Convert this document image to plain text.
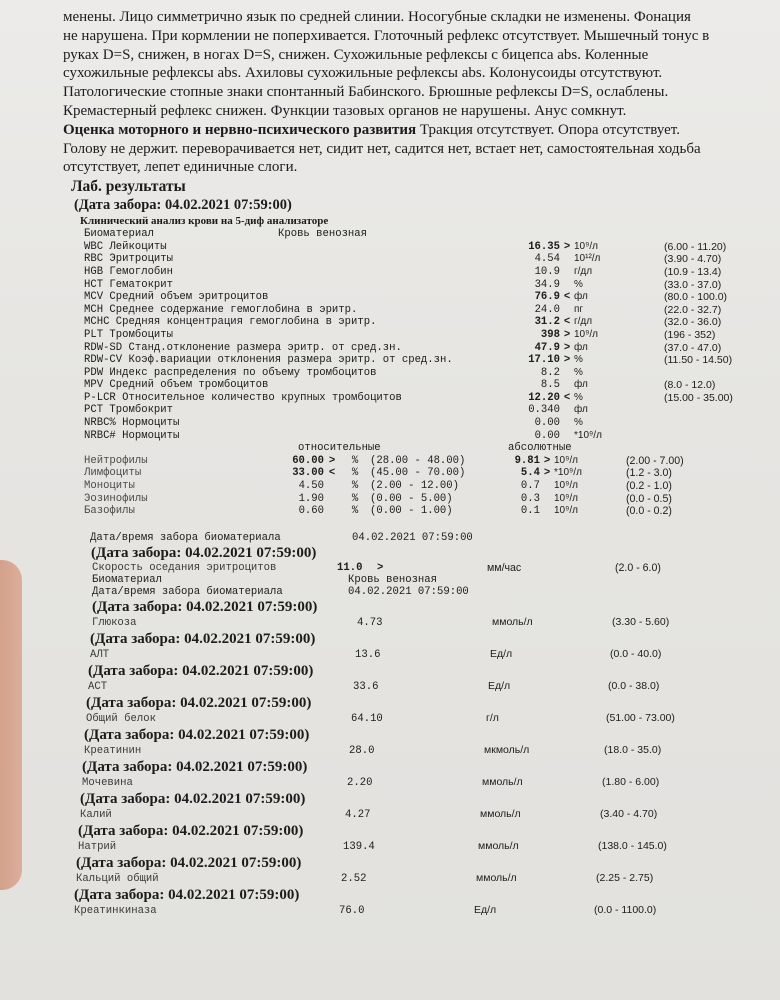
менены. Лицо симметрично язык по средней слинии. Носогубные складки не изменены. Фонация
не нарушена. При кормлении не поперхивается. Глоточный рефлекс отсутствует. Мышечный тонус в
руках D=S, снижен, в ногах D=S, снижен. Сухожильные рефлексы с бицепса abs. Коленные
сухожильные рефлексы abs. Ахиловы сухожильные рефлексы abs. Колонусоиды отсутствуют.
Патологические стопные знаки спонтанный Бабинского. Брюшные рефлексы D=S, ослаблены.
Кремастерный рефлекс снижен. Функции тазовых органов не нарушены. Анус сомкнут.
Оценка моторного и нервно-психического развития Тракция отсутствует. Опора отсутствует.
Голову не держит. переворачивается нет, сидит нет, садится нет, встает нет, самостоятельная ходьба
отсутствует, лепет единичные слоги.
Лаб. результаты
(Дата забора: 04.02.2021 07:59:00)
Клинический анализ крови на 5-диф анализаторе
Биоматериал	Кровь венозная
WBC Лейкоциты	16.35	>	10⁹/л	(6.00 - 11.20)
RBC Эритроциты	4.54		10¹²/л	(3.90 - 4.70)
HGB Гемоглобин	10.9		г/дл	(10.9 - 13.4)
HCT Гематокрит	34.9		%	(33.0 - 37.0)
MCV Средний объем эритроцитов	76.9	<	фл	(80.0 - 100.0)
MCH Среднее содержание гемоглобина в эритр.	24.0		пг	(22.0 - 32.7)
MCHC Средняя концентрация гемоглобина в эритр.	31.2	<	г/дл	(32.0 - 36.0)
PLT Тромбоциты	398	>	10⁹/л	(196 - 352)
RDW-SD Станд.отклонение размера эритр. от сред.зн.	47.9	>	фл	(37.0 - 47.0)
RDW-CV Коэф.вариации отклонения размера эритр. от сред.зн.	17.10	>	%	(11.50 - 14.50)
PDW Индекс распределения по объему тромбоцитов	8.2		%	
MPV Средний объем тромбоцитов	8.5		фл	(8.0 - 12.0)
P-LCR Относительное количество крупных тромбоцитов	12.20	<	%	(15.00 - 35.00)
PCT Тромбокрит	0.340		фл	
NRBC% Нормоциты	0.00		%	
NRBC# Нормоциты	0.00		*10⁹/л	
относительные	абсолютные
Нейтрофилы	60.00	>	%	(28.00 - 48.00)	9.81	>	10⁹/л	(2.00 - 7.00)
Лимфоциты	33.00	<	%	(45.00 - 70.00)	5.4	>	*10⁹/л	(1.2 - 3.0)
Моноциты	4.50		%	(2.00 - 12.00)	0.7		10⁹/л	(0.2 - 1.0)
Эозинофилы	1.90		%	(0.00 - 5.00)	0.3		10⁹/л	(0.0 - 0.5)
Базофилы	0.60		%	(0.00 - 1.00)	0.1		10⁹/л	(0.0 - 0.2)
Дата/время забора биоматериала	04.02.2021 07:59:00
(Дата забора: 04.02.2021 07:59:00)
Скорость оседания эритроцитов	11.0	>	мм/час	(2.0 - 6.0)
Биоматериал	Кровь венозная
Дата/время забора биоматериала	04.02.2021 07:59:00
(Дата забора: 04.02.2021 07:59:00)
Глюкоза	4.73	ммоль/л	(3.30 - 5.60)
(Дата забора: 04.02.2021 07:59:00)
АЛТ	13.6	Ед/л	(0.0 - 40.0)
(Дата забора: 04.02.2021 07:59:00)
АСТ	33.6	Ед/л	(0.0 - 38.0)
(Дата забора: 04.02.2021 07:59:00)
Общий белок	64.10	г/л	(51.00 - 73.00)
(Дата забора: 04.02.2021 07:59:00)
Креатинин	28.0	мкмоль/л	(18.0 - 35.0)
(Дата забора: 04.02.2021 07:59:00)
Мочевина	2.20	ммоль/л	(1.80 - 6.00)
(Дата забора: 04.02.2021 07:59:00)
Калий	4.27	ммоль/л	(3.40 - 4.70)
(Дата забора: 04.02.2021 07:59:00)
Натрий	139.4	ммоль/л	(138.0 - 145.0)
(Дата забора: 04.02.2021 07:59:00)
Кальций общий	2.52	ммоль/л	(2.25 - 2.75)
(Дата забора: 04.02.2021 07:59:00)
Креатинкиназа	76.0	Ед/л	(0.0 - 1100.0)
